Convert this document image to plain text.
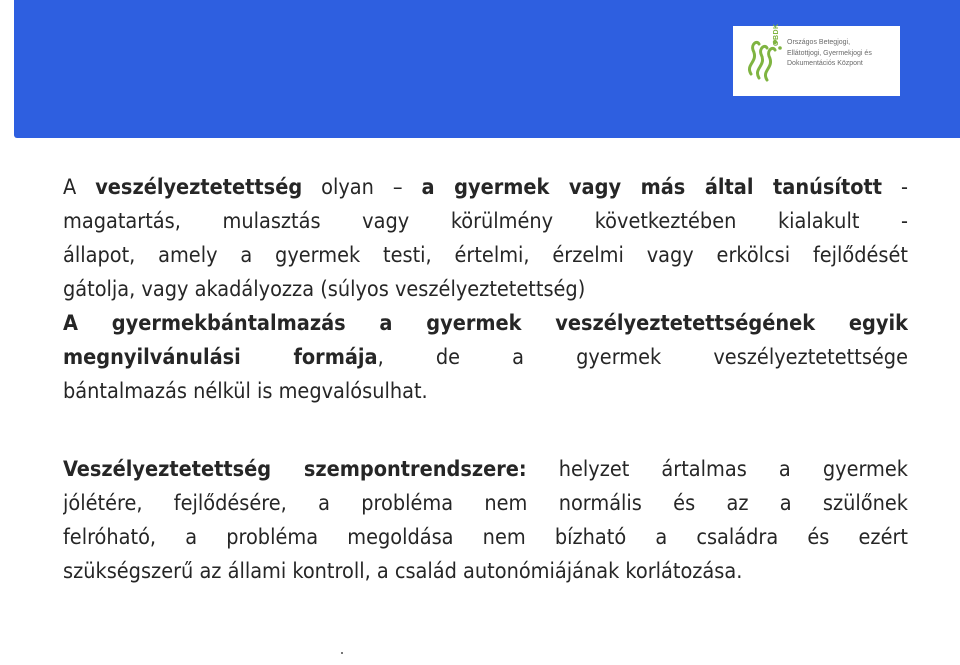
OBDK Országos Betegjogi,
Ellátottjogi, Gyermekjogi és
Dokumentációs Központ
A veszélyeztetettség olyan – a gyermek vagy más által tanúsított -
magatartás, mulasztás vagy körülmény következtében kialakult -
állapot, amely a gyermek testi, értelmi, érzelmi vagy erkölcsi fejlődését
gátolja, vagy akadályozza (súlyos veszélyeztetettség)
A gyermekbántalmazás a gyermek veszélyeztetettségének egyik
megnyilvánulási formája, de a gyermek veszélyeztetettsége
bántalmazás nélkül is megvalósulhat.
Veszélyeztetettség szempontrendszere: helyzet ártalmas a gyermek
jólétére, fejlődésére, a probléma nem normális és az a szülőnek
felróható, a probléma megoldása nem bízható a családra és ezért
szükségszerű az állami kontroll, a család autonómiájának korlátozása.
